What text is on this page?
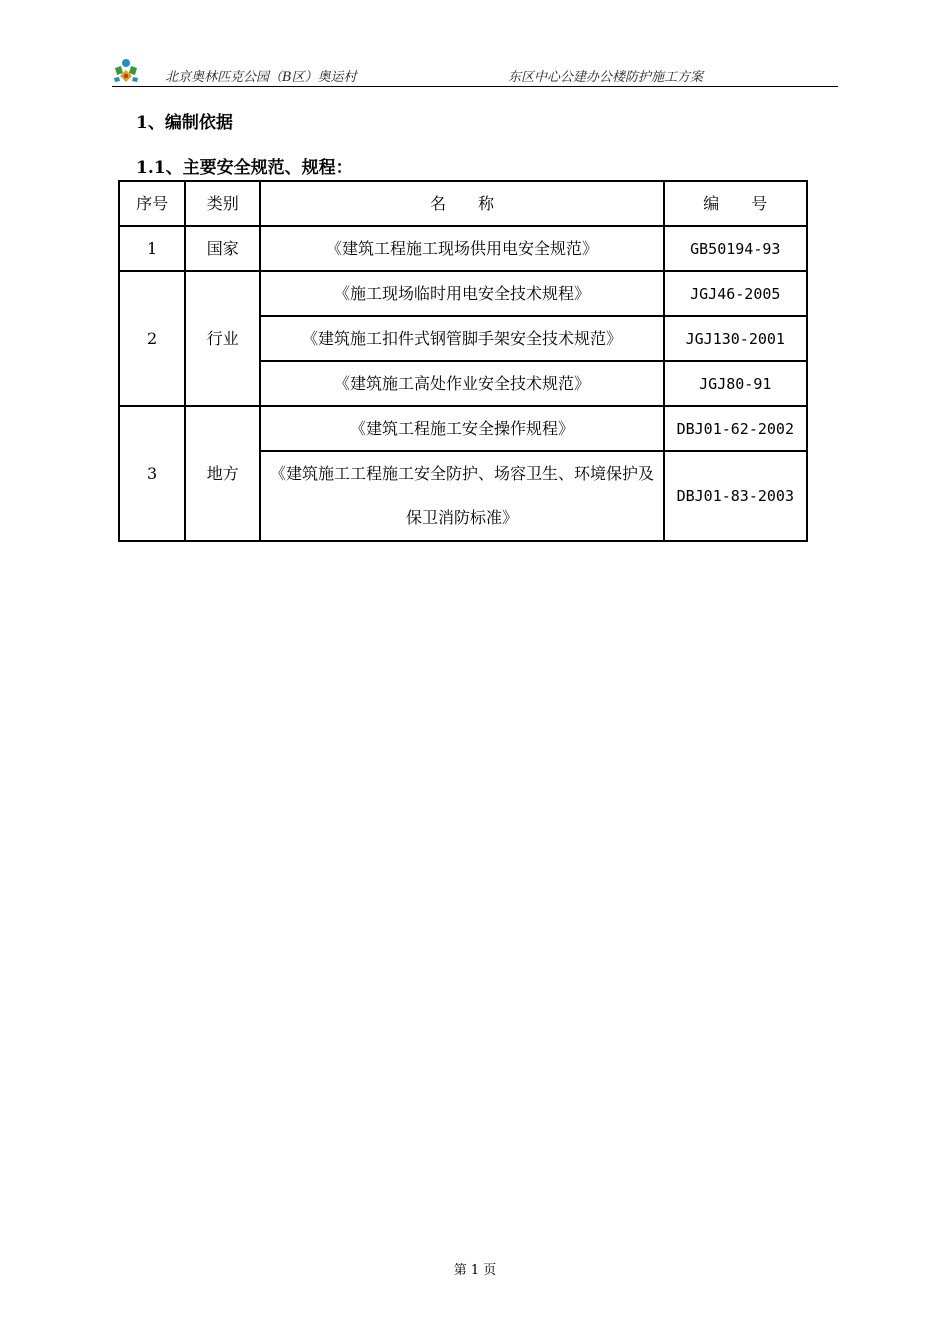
北京奥林匹克公园（B区）奥运村	东区中心公建办公楼防护施工方案
1、编制依据
1.1、主要安全规范、规程：
序号	类别	名　　称	编　　号
1	国家	《建筑工程施工现场供用电安全规范》	GB50194-93
2	行业	《施工现场临时用电安全技术规程》	JGJ46-2005
		《建筑施工扣件式钢管脚手架安全技术规范》	JGJ130-2001
		《建筑施工高处作业安全技术规范》	JGJ80-91
3	地方	《建筑工程施工安全操作规程》	DBJ01-62-2002
		《建筑施工工程施工安全防护、场容卫生、环境保护及保卫消防标准》	DBJ01-83-2003
第 1 页
